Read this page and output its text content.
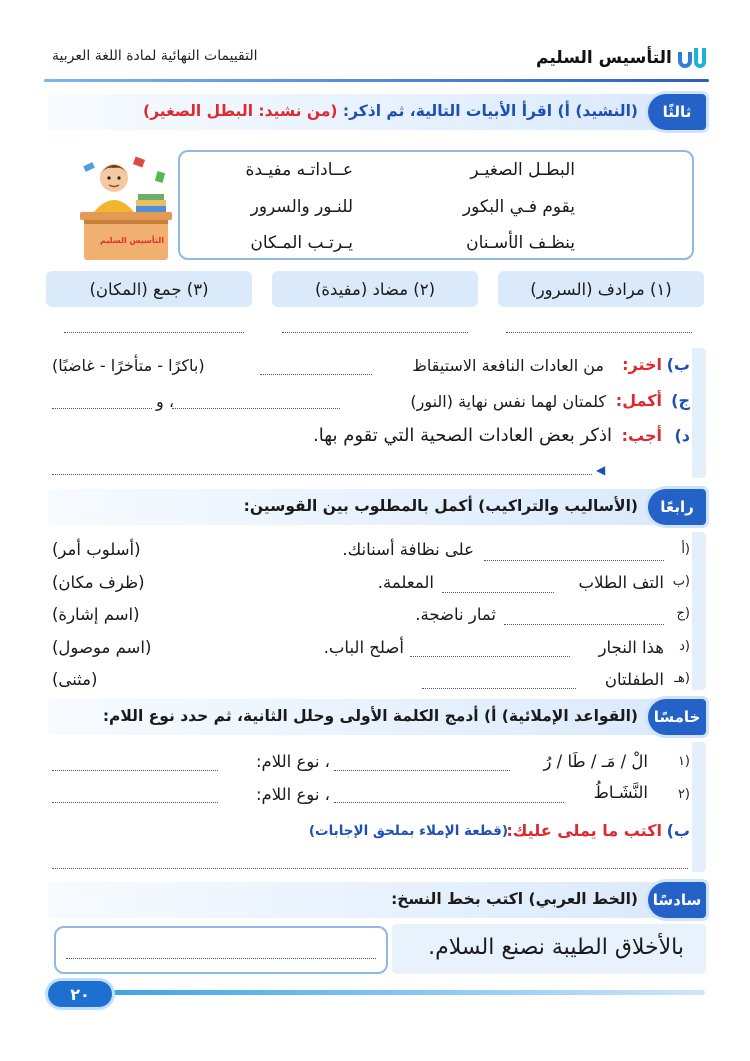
التأسيس السليم
التقييمات النهائية لمادة اللغة العربية
ثالثًا
(النشيد) أ) اقرأ الأبيات التالية، ثم اذكر: (من نشيد: البطل الصغير)
البطـل الصغيـر
عــاداتـه مفيـدة
يقوم فـي البكور
للنـور والسرور
ينظـف الأسـنان
يـرتـب المـكان
التأسيس السليم
(١) مرادف (السرور)
(٢) مضاد (مفيدة)
(٣) جمع (المكان)
ب)
اختر:
من العادات النافعة الاستيقاظ
(باكرًا - متأخرًا - غاضبًا)
ج)
أكمل:
كلمتان لهما نفس نهاية (النور)
، و
د)
أجب:
اذكر بعض العادات الصحية التي تقوم بها.
◀
رابعًا
(الأساليب والتراكيب) أكمل بالمطلوب بين القوسين:
(أ
على نظافة أسنانك.
(أسلوب أمر)
(ب
التف الطلاب
المعلمة.
(ظرف مكان)
(ج
ثمار ناضجة.
(اسم إشارة)
(د
هذا النجار
أصلح الباب.
(اسم موصول)
(هـ
الطفلتان
(مثنى)
خامسًا
(القواعد الإملائية) أ) أدمج الكلمة الأولى وحلل الثانية، ثم حدد نوع اللام:
(١
الْ / مَـ / طَا / رُ
، نوع اللام:
(٢
النَّشَـاطُ
، نوع اللام:
ب)
اكتب ما يملى عليك:
(قطعة الإملاء بملحق الإجابات)
سادسًا
(الخط العربي) اكتب بخط النسخ:
بالأخلاق الطيبة نصنع السلام.
٢٠
